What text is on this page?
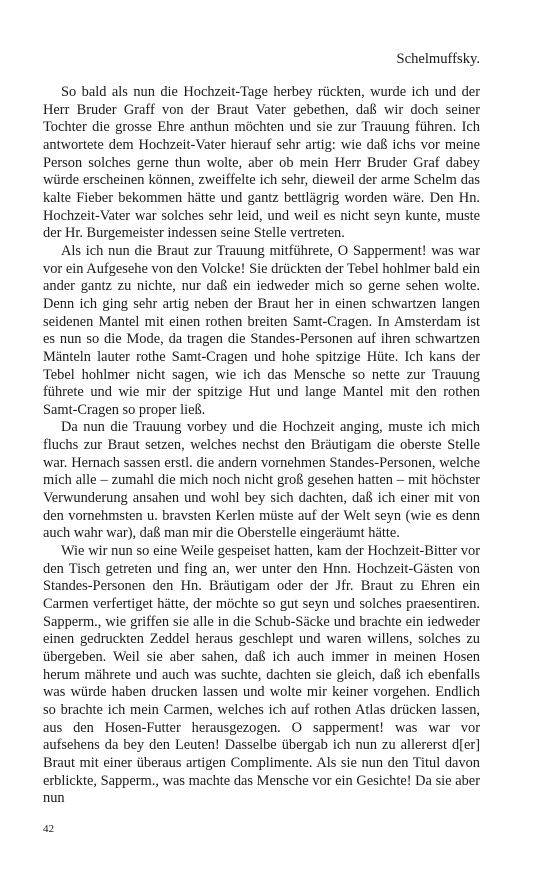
Schelmuffsky.

So bald als nun die Hochzeit-Tage herbey rückten, wurde ich und der Herr Bruder Graff von der Braut Vater gebethen, daß wir doch seiner Tochter die grosse Ehre anthun möchten und sie zur Trauung führen. Ich antwortete dem Hochzeit-Vater hierauf sehr artig: wie daß ichs vor meine Person solches gerne thun wolte, aber ob mein Herr Bruder Graf dabey würde erscheinen können, zweiffelte ich sehr, dieweil der arme Schelm das kalte Fieber bekommen hätte und gantz bettlägrig worden wäre. Den Hn. Hochzeit-Vater war solches sehr leid, und weil es nicht seyn kunte, muste der Hr. Burgemeister indessen seine Stelle vertreten.

Als ich nun die Braut zur Trauung mitführete, O Sapperment! was war vor ein Aufgesehe von den Volcke! Sie drückten der Tebel hohlmer bald ein ander gantz zu nichte, nur daß ein iedweder mich so gerne sehen wolte. Denn ich ging sehr artig neben der Braut her in einen schwartzen langen seidenen Mantel mit einen rothen breiten Samt-Cragen. In Amsterdam ist es nun so die Mode, da tragen die Standes-Personen auf ihren schwartzen Mänteln lauter rothe Samt-Cragen und hohe spitzige Hüte. Ich kans der Tebel hohlmer nicht sagen, wie ich das Mensche so nette zur Trauung führete und wie mir der spitzige Hut und lange Mantel mit den rothen Samt-Cragen so proper ließ.

Da nun die Trauung vorbey und die Hochzeit anging, muste ich mich fluchs zur Braut setzen, welches nechst den Bräutigam die oberste Stelle war. Hernach sassen erstl. die andern vornehmen Standes-Personen, welche mich alle – zumahl die mich noch nicht groß gesehen hatten – mit höchster Verwunderung ansahen und wohl bey sich dachten, daß ich einer mit von den vornehmsten u. bravsten Kerlen müste auf der Welt seyn (wie es denn auch wahr war), daß man mir die Oberstelle eingeräumt hätte.

Wie wir nun so eine Weile gespeiset hatten, kam der Hochzeit-Bitter vor den Tisch getreten und fing an, wer unter den Hnn. Hochzeit-Gästen von Standes-Personen den Hn. Bräutigam oder der Jfr. Braut zu Ehren ein Carmen verfertiget hätte, der möchte so gut seyn und solches praesentiren. Sapperm., wie griffen sie alle in die Schub-Säcke und brachte ein iedweder einen gedruckten Zeddel heraus geschlept und waren willens, solches zu übergeben. Weil sie aber sahen, daß ich auch immer in meinen Hosen herum mährete und auch was suchte, dachten sie gleich, daß ich ebenfalls was würde haben drucken lassen und wolte mir keiner vorgehen. Endlich so brachte ich mein Carmen, welches ich auf rothen Atlas drücken lassen, aus den Hosen-Futter herausgezogen. O sapperment! was war vor aufsehens da bey den Leuten! Dasselbe übergab ich nun zu allererst d[er] Braut mit einer überaus artigen Complimente. Als sie nun den Titul davon erblickte, Sapperm., was machte das Mensche vor ein Gesichte! Da sie aber nun

42
